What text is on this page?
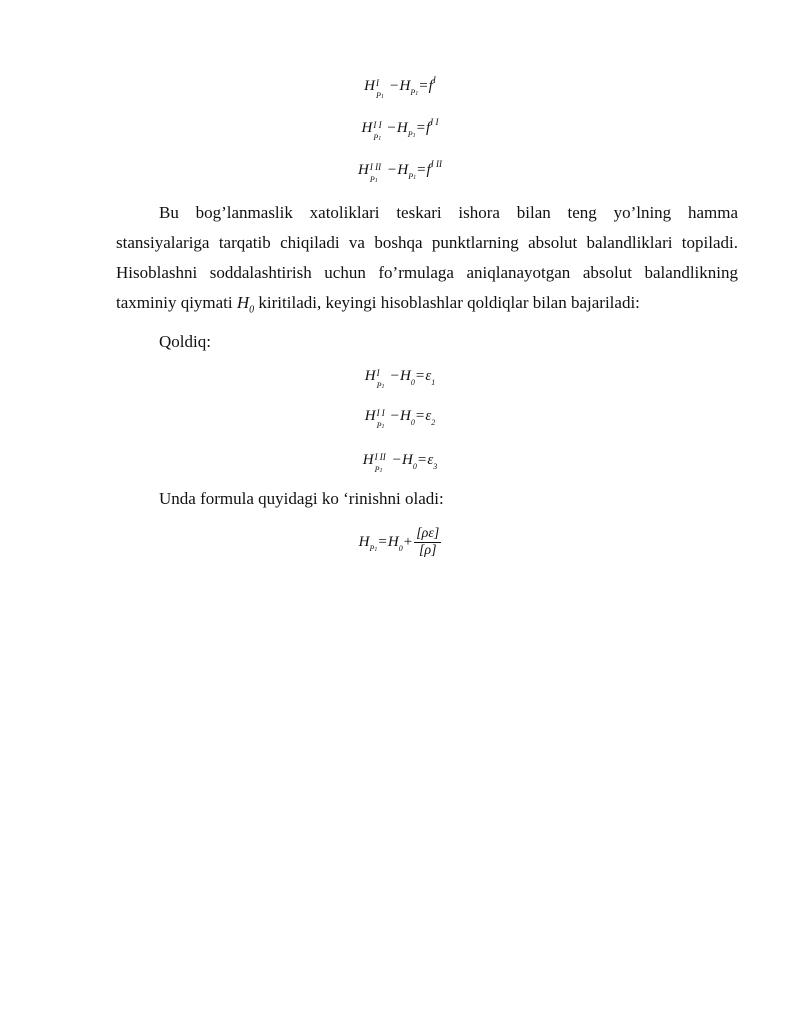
H I
P1
$-H_{P1}=f^I$
H I I
P1
$-H_{P1}=f^{I I}$
H I II
P1
$-H_{P1}=f^{I II}$
Bu bog’lanmaslik xatoliklari teskari ishora bilan teng yo’lning hamma
stansiyalariga tarqatib chiqiladi va boshqa punktlarning absolut balandliklari topiladi.
Hisoblashni soddalashtirish uchun fo’rmulaga aniqlanayotgan absolut balandlikning
taxminiy qiymati $H_0$ kiritiladi, keyingi hisoblashlar qoldiqlar bilan bajariladi:
Qoldiq:
H I
P1
$-H_0=\varepsilon_1$
H I I
P1
$-H_0=\varepsilon_2$
H I II
P1
$-H_0=\varepsilon_3$
Unda formula quyidagi ko ‘rinishni oladi:
$H_{P1}=H_0+ \frac{[\rho\varepsilon]}{[\rho]}$
